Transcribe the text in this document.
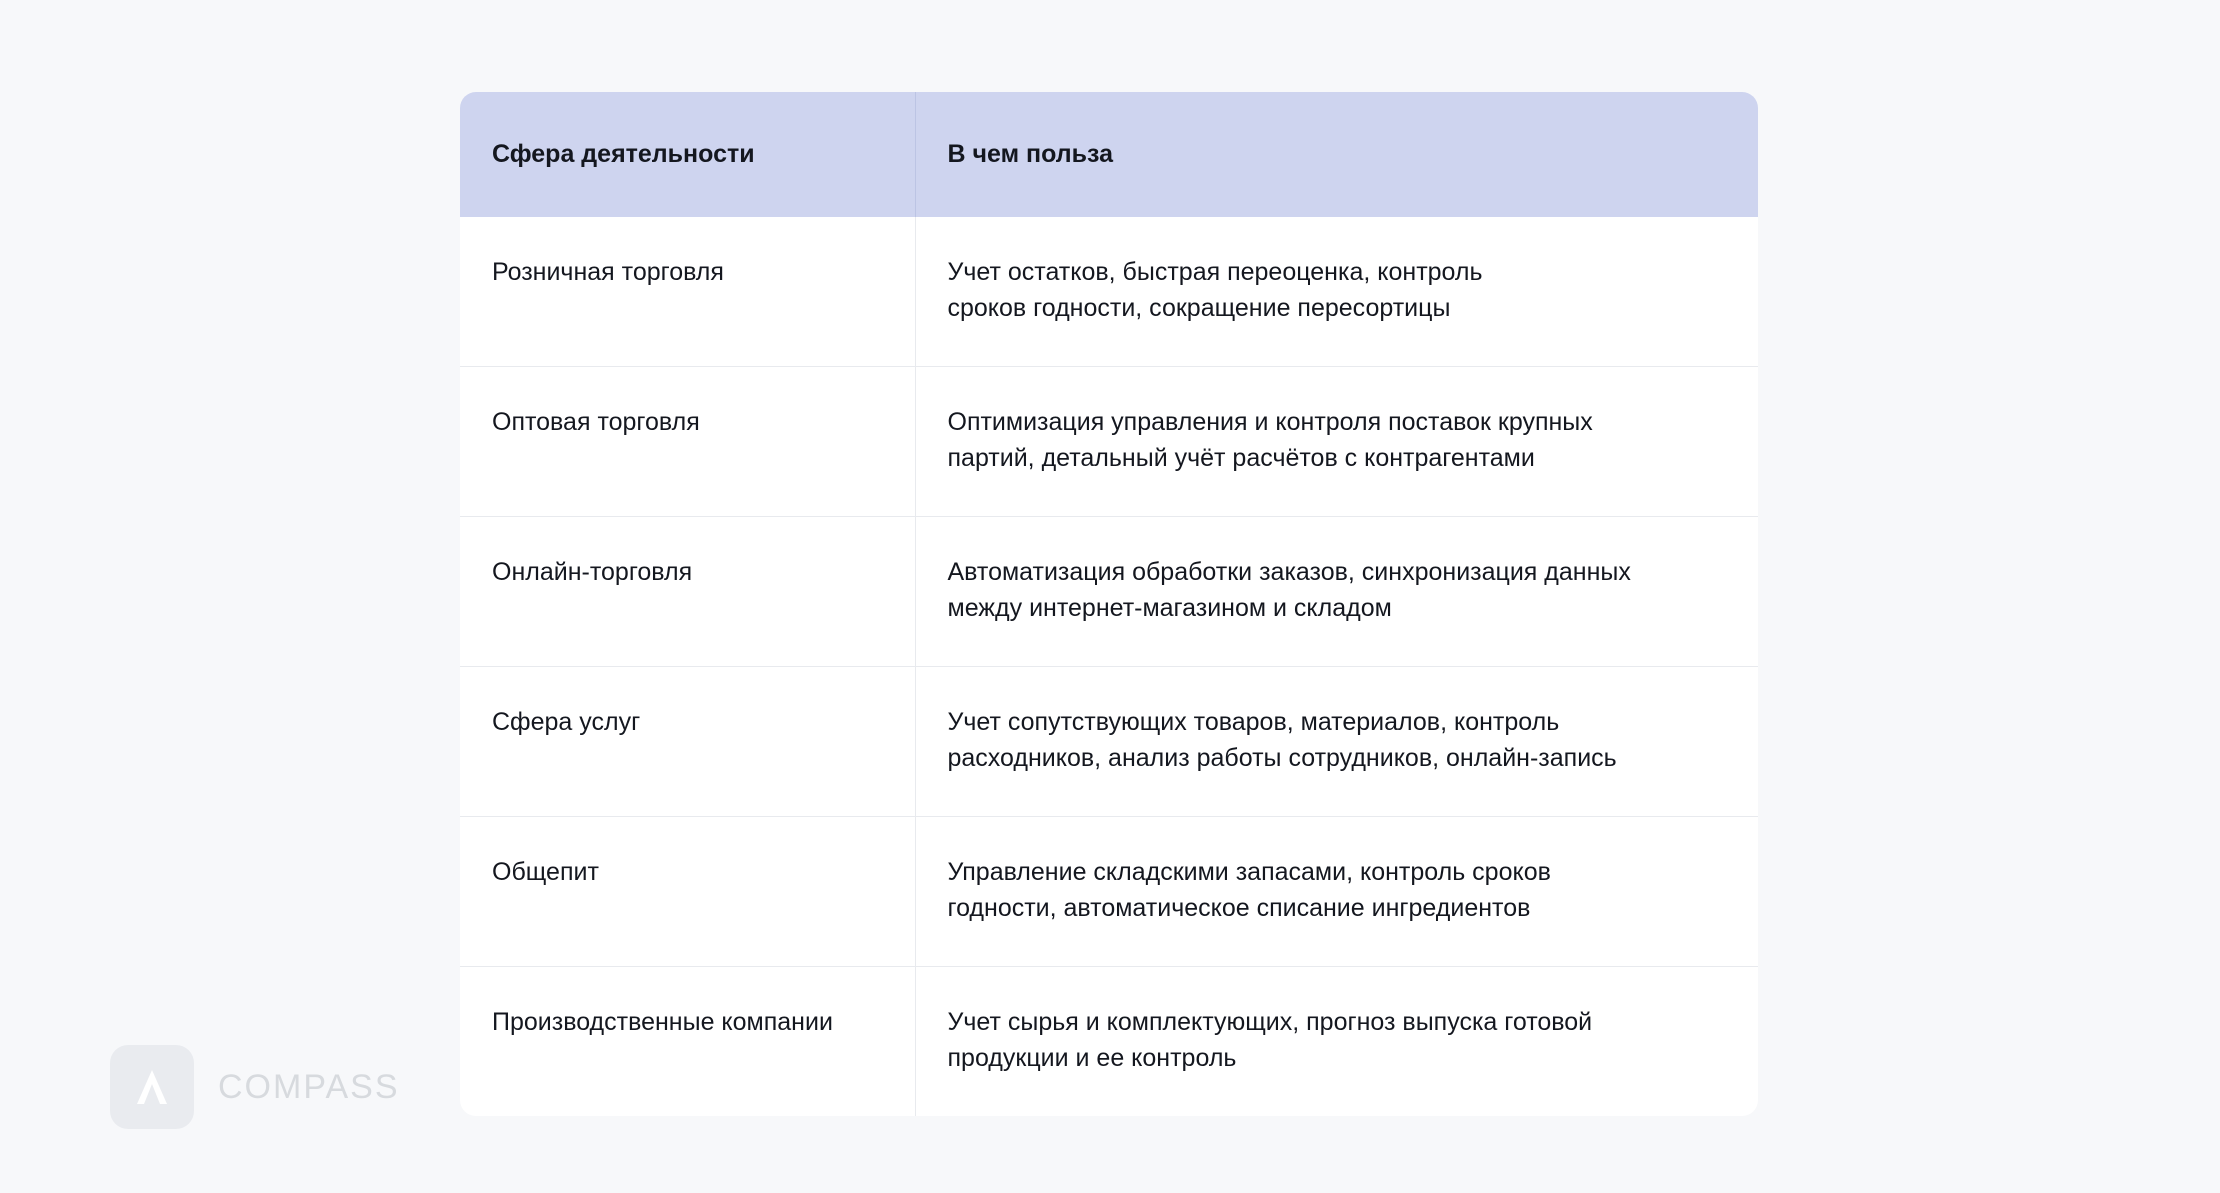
Сфера деятельности	В чем польза
Розничная торговля	Учет остатков, быстрая переоценка, контроль
сроков годности, сокращение пересортицы

Оптовая торговля	Оптимизация управления и контроля поставок крупных
партий, детальный учёт расчётов с контрагентами

Онлайн-торговля	Автоматизация обработки заказов, синхронизация данных
между интернет-магазином и складом

Сфера услуг	Учет сопутствующих товаров, материалов, контроль
расходников, анализ работы сотрудников, онлайн-запись

Общепит	Управление складскими запасами, контроль сроков
годности, автоматическое списание ингредиентов

Производственные компании	Учет сырья и комплектующих, прогноз выпуска готовой
продукции и ее контроль
COMPASS
